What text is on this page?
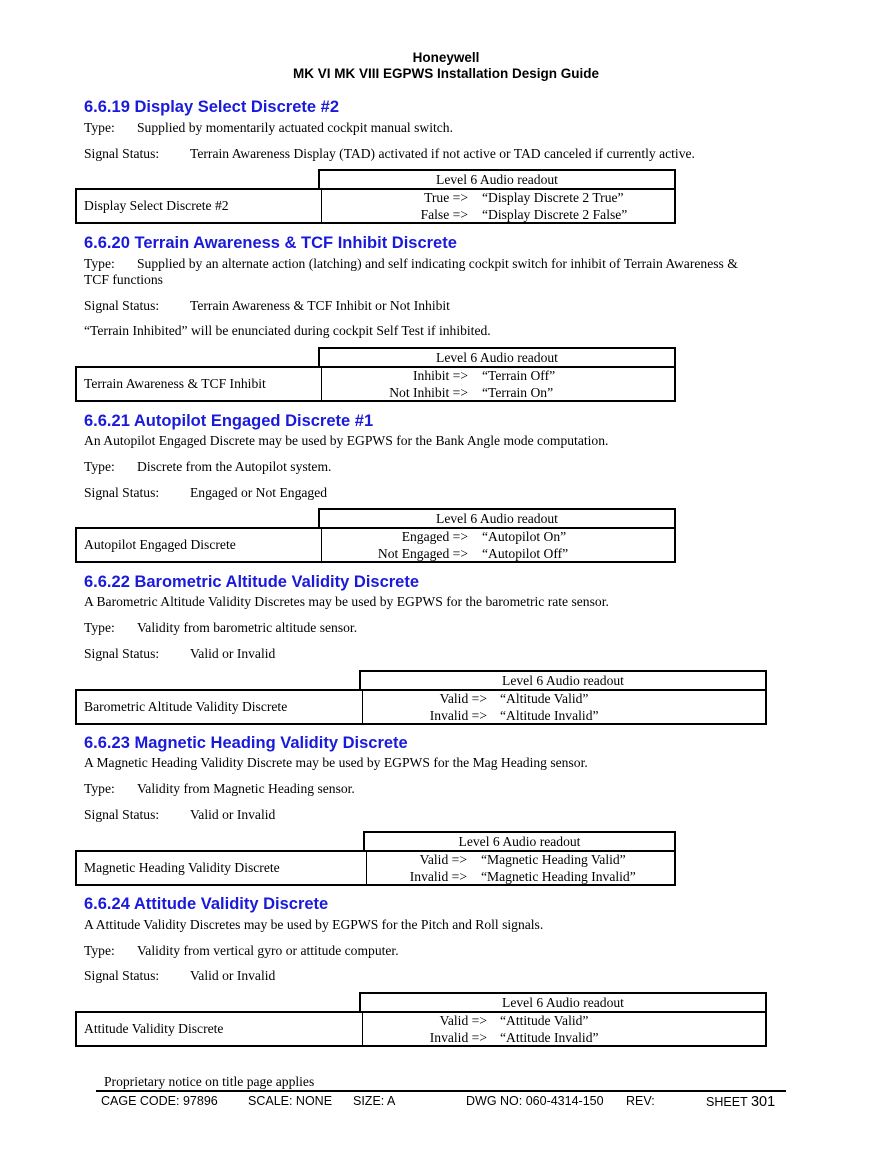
Honeywell
MK VI MK VIII EGPWS Installation Design Guide
6.6.19 Display Select Discrete #2
Type: Supplied by momentarily actuated cockpit manual switch.
Signal Status: Terrain Awareness Display (TAD) activated if not active or TAD canceled if currently active.
Level 6 Audio readout
Display Select Discrete #2
True => “Display Discrete 2 True”
False => “Display Discrete 2 False”
6.6.20 Terrain Awareness & TCF Inhibit Discrete
Type: Supplied by an alternate action (latching) and self indicating cockpit switch for inhibit of Terrain Awareness &
TCF functions
Signal Status: Terrain Awareness & TCF Inhibit or Not Inhibit
“Terrain Inhibited” will be enunciated during cockpit Self Test if inhibited.
Level 6 Audio readout
Terrain Awareness & TCF Inhibit
Inhibit => “Terrain Off”
Not Inhibit => “Terrain On”
6.6.21 Autopilot Engaged Discrete #1
An Autopilot Engaged Discrete may be used by EGPWS for the Bank Angle mode computation.
Type: Discrete from the Autopilot system.
Signal Status: Engaged or Not Engaged
Level 6 Audio readout
Autopilot Engaged Discrete
Engaged => “Autopilot On”
Not Engaged => “Autopilot Off”
6.6.22 Barometric Altitude Validity Discrete
A Barometric Altitude Validity Discretes may be used by EGPWS for the barometric rate sensor.
Type: Validity from barometric altitude sensor.
Signal Status: Valid or Invalid
Level 6 Audio readout
Barometric Altitude Validity Discrete
Valid => “Altitude Valid”
Invalid => “Altitude Invalid”
6.6.23 Magnetic Heading Validity Discrete
A Magnetic Heading Validity Discrete may be used by EGPWS for the Mag Heading sensor.
Type: Validity from Magnetic Heading sensor.
Signal Status: Valid or Invalid
Level 6 Audio readout
Magnetic Heading Validity Discrete
Valid => “Magnetic Heading Valid”
Invalid => “Magnetic Heading Invalid”
6.6.24 Attitude Validity Discrete
A Attitude Validity Discretes may be used by EGPWS for the Pitch and Roll signals.
Type: Validity from vertical gyro or attitude computer.
Signal Status: Valid or Invalid
Level 6 Audio readout
Attitude Validity Discrete
Valid => “Attitude Valid”
Invalid => “Attitude Invalid”
Proprietary notice on title page applies
CAGE CODE: 97896 SCALE: NONE SIZE: A	DWG NO: 060-4314-150 REV:	SHEET 301
